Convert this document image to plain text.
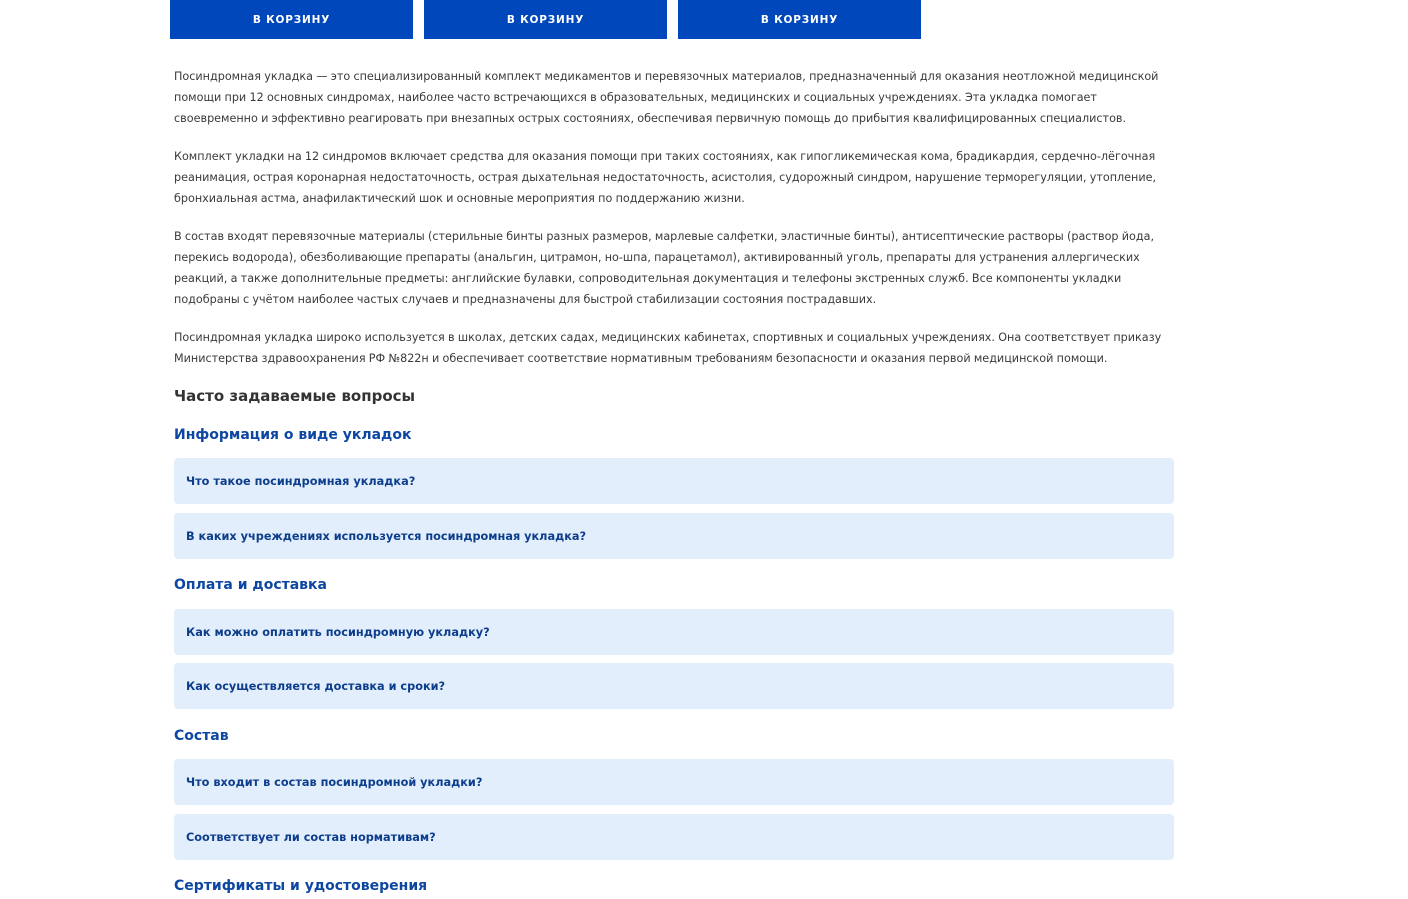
В КОРЗИНУ	В КОРЗИНУ	В КОРЗИНУ

Посиндромная укладка — это специализированный комплект медикаментов и перевязочных материалов, предназначенный для оказания неотложной медицинской помощи при 12 основных синдромах, наиболее часто встречающихся в образовательных, медицинских и социальных учреждениях. Эта укладка помогает своевременно и эффективно реагировать при внезапных острых состояниях, обеспечивая первичную помощь до прибытия квалифицированных специалистов.

Комплект укладки на 12 синдромов включает средства для оказания помощи при таких состояниях, как гипогликемическая кома, брадикардия, сердечно-лёгочная реанимация, острая коронарная недостаточность, острая дыхательная недостаточность, асистолия, судорожный синдром, нарушение терморегуляции, утопление, бронхиальная астма, анафилактический шок и основные мероприятия по поддержанию жизни.

В состав входят перевязочные материалы (стерильные бинты разных размеров, марлевые салфетки, эластичные бинты), антисептические растворы (раствор йода, перекись водорода), обезболивающие препараты (анальгин, цитрамон, но-шпа, парацетамол), активированный уголь, препараты для устранения аллергических реакций, а также дополнительные предметы: английские булавки, сопроводительная документация и телефоны экстренных служб. Все компоненты укладки подобраны с учётом наиболее частых случаев и предназначены для быстрой стабилизации состояния пострадавших.

Посиндромная укладка широко используется в школах, детских садах, медицинских кабинетах, спортивных и социальных учреждениях. Она соответствует приказу Министерства здравоохранения РФ №822н и обеспечивает соответствие нормативным требованиям безопасности и оказания первой медицинской помощи.

Часто задаваемые вопросы
Информация о виде укладок
Что такое посиндромная укладка?
В каких учреждениях используется посиндромная укладка?
Оплата и доставка
Как можно оплатить посиндромную укладку?
Как осуществляется доставка и сроки?
Состав
Что входит в состав посиндромной укладки?
Соответствует ли состав нормативам?
Сертификаты и удостоверения
